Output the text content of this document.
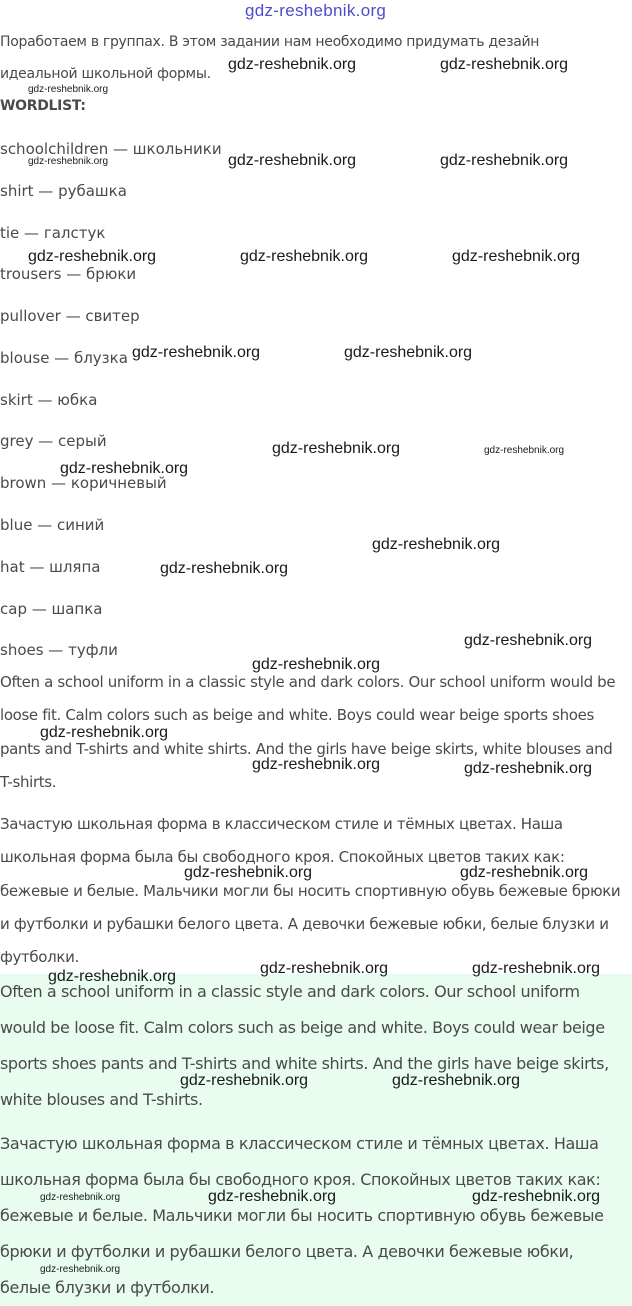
Поработаем в группах. В этом задании нам необходимо придумать дезайн
идеальной школьной формы.
WORDLIST:
schoolchildren — школьники
shirt — рубашка
tie — галстук
trousers — брюки
pullover — свитер
blouse — блузка
skirt — юбка
grey — серый
brown — коричневый
blue — синий
hat — шляпа
cap — шапка
shoes — туфли
Often a school uniform in a classic style and dark colors. Our school uniform would be loose fit. Calm colors such as beige and white. Boys could wear beige sports shoes pants and T-shirts and white shirts. And the girls have beige skirts, white blouses and T-shirts.
Зачастую школьная форма в классическом стиле и тёмных цветах. Наша школьная форма была бы свободного кроя. Спокойных цветов таких как: бежевые и белые. Мальчики могли бы носить спортивную обувь бежевые брюки и футболки и рубашки белого цвета. А девочки бежевые юбки, белые блузки и футболки.
Often a school uniform in a classic style and dark colors. Our school uniform would be loose fit. Calm colors such as beige and white. Boys could wear beige sports shoes pants and T-shirts and white shirts. And the girls have beige skirts, white blouses and T-shirts.
Зачастую школьная форма в классическом стиле и тёмных цветах. Наша школьная форма была бы свободного кроя. Спокойных цветов таких как: бежевые и белые. Мальчики могли бы носить спортивную обувь бежевые брюки и футболки и рубашки белого цвета. А девочки бежевые юбки, белые блузки и футболки.
gdz-reshebnik.org
gdz-reshebnik.org	gdz-reshebnik.org
gdz-reshebnik.org
gdz-reshebnik.org	gdz-reshebnik.org
gdz-reshebnik.org
gdz-reshebnik.org	gdz-reshebnik.org	gdz-reshebnik.org
gdz-reshebnik.org	gdz-reshebnik.org
gdz-reshebnik.org	gdz-reshebnik.org
gdz-reshebnik.org
gdz-reshebnik.org
gdz-reshebnik.org
gdz-reshebnik.org
gdz-reshebnik.org
gdz-reshebnik.org
gdz-reshebnik.org	gdz-reshebnik.org
gdz-reshebnik.org	gdz-reshebnik.org
gdz-reshebnik.org	gdz-reshebnik.org
gdz-reshebnik.org
gdz-reshebnik.org	gdz-reshebnik.org
gdz-reshebnik.org	gdz-reshebnik.org	gdz-reshebnik.org
gdz-reshebnik.org
